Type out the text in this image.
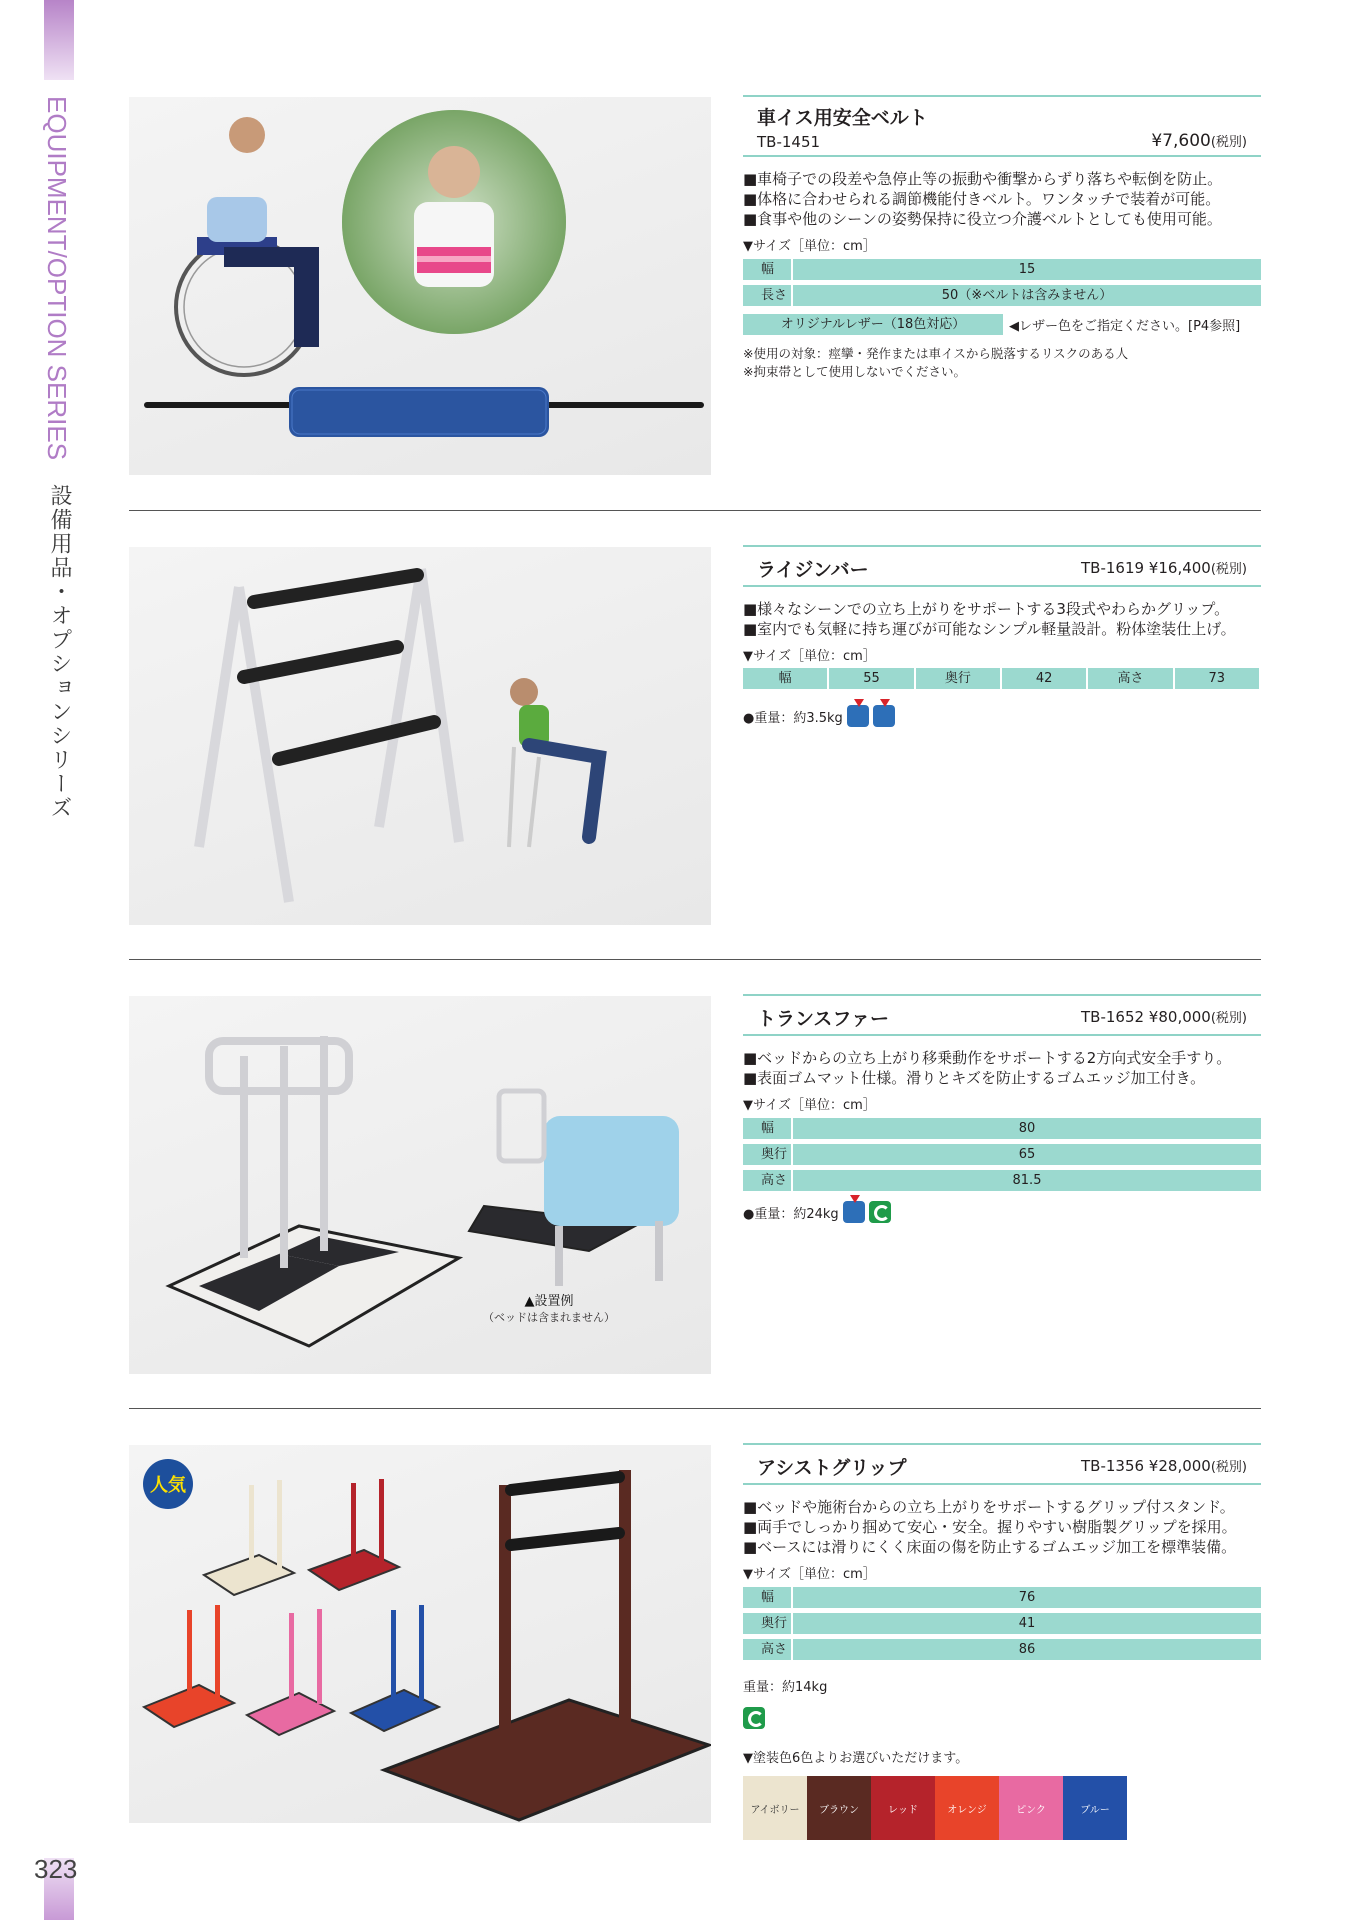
EQUIPMENT/OPTION SERIES
設備用品・オプションシリーズ
323
車イス用安全ベルト
TB-1451	¥7,600(税別)
■車椅子での段差や急停止等の振動や衝撃からずり落ちや転倒を防止。
■体格に合わせられる調節機能付きベルト。ワンタッチで装着が可能。
■食事や他のシーンの姿勢保持に役立つ介護ベルトとしても使用可能。
▼サイズ［単位：cm］
幅	15
長さ	50（※ベルトは含みません）
オリジナルレザー（18色対応）	◀レザー色をご指定ください。[P4参照]
※使用の対象：痙攣・発作または車イスから脱落するリスクのある人
※拘束帯として使用しないでください。
ライジンバー	TB-1619 ¥16,400(税別)
■様々なシーンでの立ち上がりをサポートする3段式やわらかグリップ。
■室内でも気軽に持ち運びが可能なシンプル軽量設計。粉体塗装仕上げ。
▼サイズ［単位：cm］
幅	55	奥行	42	高さ	73
●重量：約3.5kg
▲設置例
（ベッドは含まれません）
トランスファー	TB-1652 ¥80,000(税別)
■ベッドからの立ち上がり移乗動作をサポートする2方向式安全手すり。
■表面ゴムマット仕様。滑りとキズを防止するゴムエッジ加工付き。
▼サイズ［単位：cm］
幅	80
奥行	65
高さ	81.5
●重量：約24kg
人気
アシストグリップ	TB-1356 ¥28,000(税別)
■ベッドや施術台からの立ち上がりをサポートするグリップ付スタンド。
■両手でしっかり掴めて安心・安全。握りやすい樹脂製グリップを採用。
■ベースには滑りにくく床面の傷を防止するゴムエッジ加工を標準装備。
▼サイズ［単位：cm］
幅	76
奥行	41
高さ	86
重量：約14kg
▼塗装色6色よりお選びいただけます。
アイボリー	ブラウン	レッド	オレンジ	ピンク	ブルー
